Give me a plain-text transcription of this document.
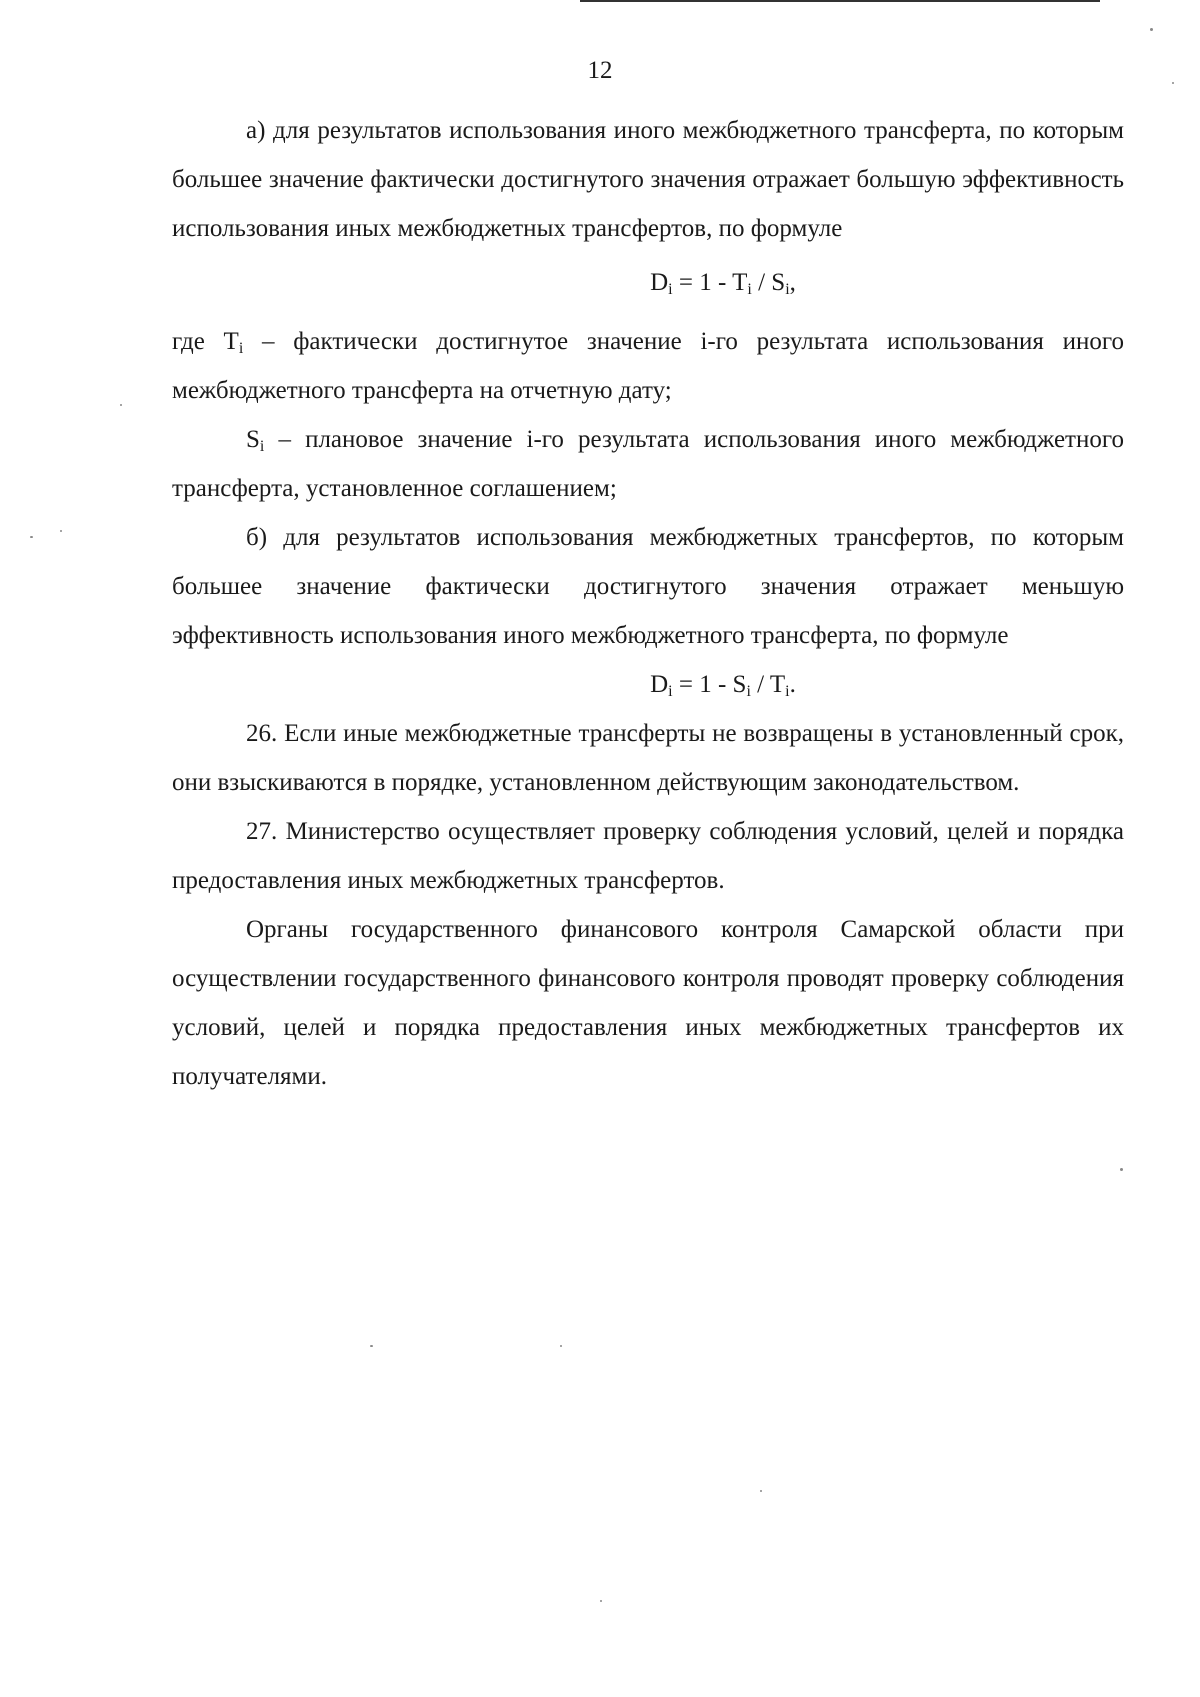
12

а) для результатов использования иного межбюджетного трансферта, по которым большее значение фактически достигнутого значения отражает большую эффективность использования иных межбюджетных трансфертов, по формуле

$D_i = 1 - T_i / S_i$,

где $T_i$ – фактически достигнутое значение i-го результата использования иного межбюджетного трансферта на отчетную дату;

$S_i$ – плановое значение i-го результата использования иного межбюджетного трансферта, установленное соглашением;

б) для результатов использования межбюджетных трансфертов, по которым большее значение фактически достигнутого значения отражает меньшую эффективность использования иного межбюджетного трансферта, по формуле

$D_i = 1 - S_i / T_i$.

26. Если иные межбюджетные трансферты не возвращены в установленный срок, они взыскиваются в порядке, установленном действующим законодательством.

27. Министерство осуществляет проверку соблюдения условий, целей и порядка предоставления иных межбюджетных трансфертов.

Органы государственного финансового контроля Самарской области при осуществлении государственного финансового контроля проводят проверку соблюдения условий, целей и порядка предоставления иных межбюджетных трансфертов их получателями.
